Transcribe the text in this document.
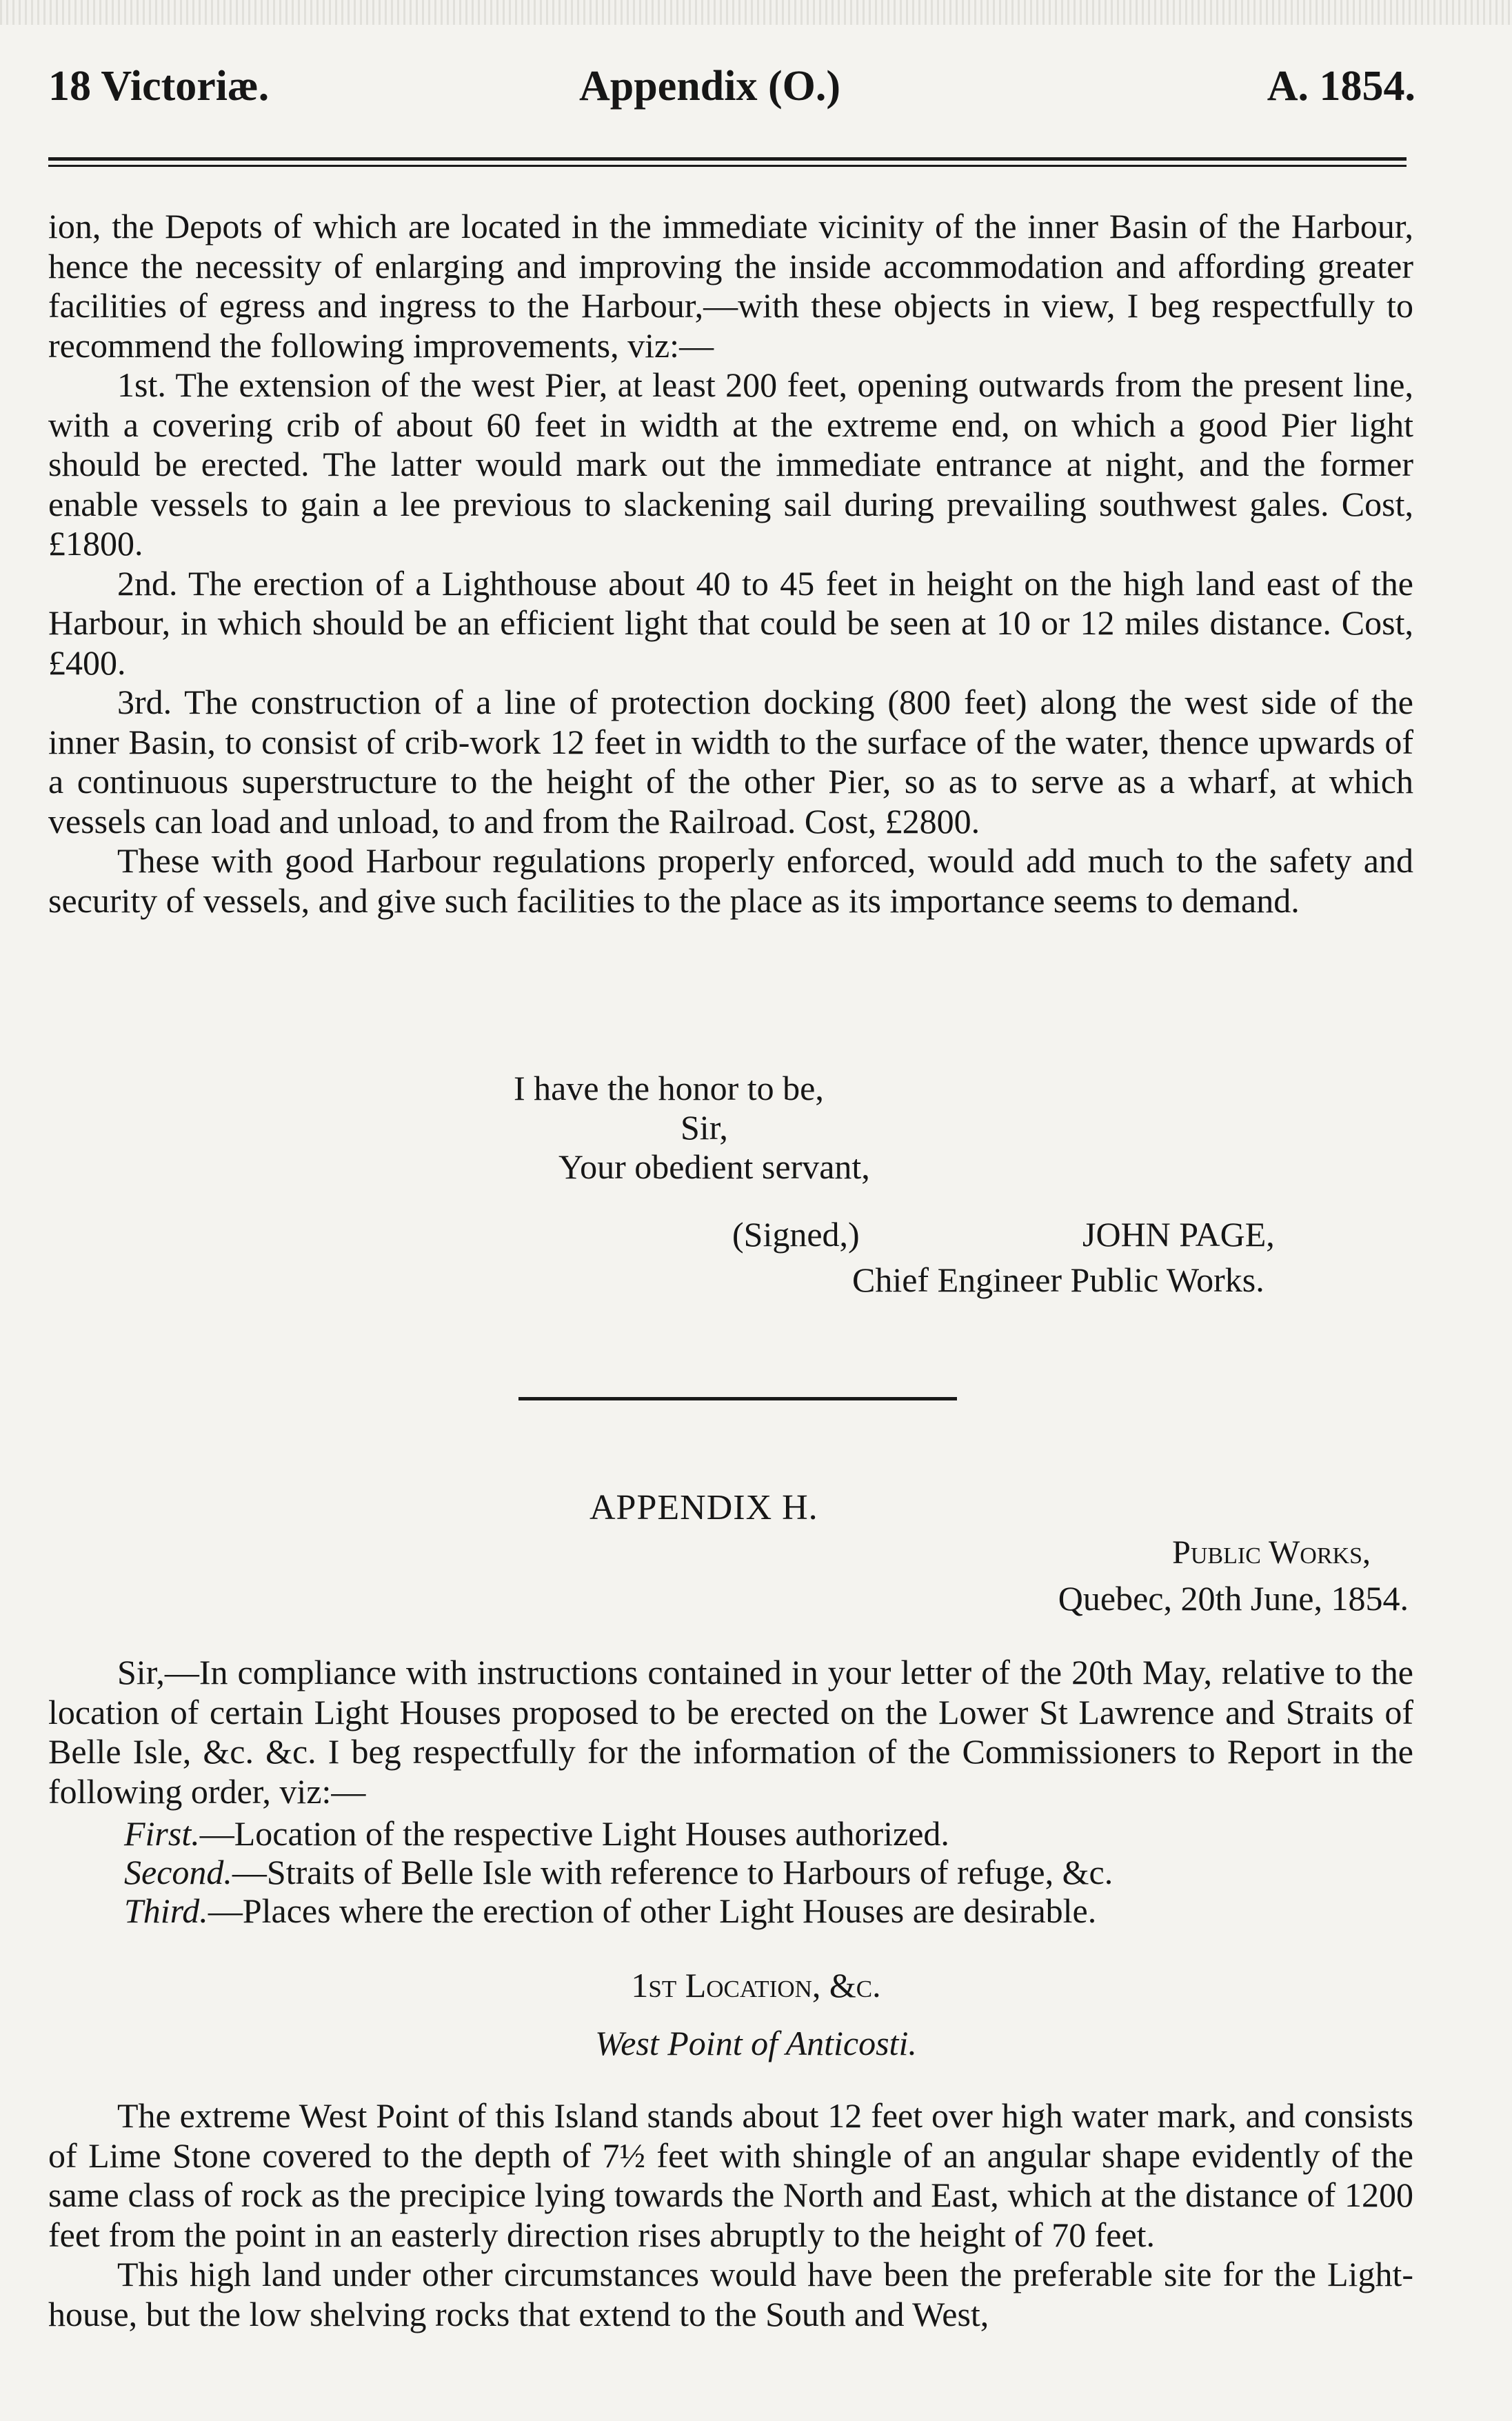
18 Victoriæ.	Appendix (O.)	A. 1854.

ion, the Depots of which are located in the immediate vicinity of the inner Basin of the Harbour, hence the necessity of enlarging and improving the inside accommodation and affording greater facilities of egress and ingress to the Harbour,—with these objects in view, I beg respectfully to recommend the following improvements, viz:—

1st. The extension of the west Pier, at least 200 feet, opening outwards from the present line, with a covering crib of about 60 feet in width at the extreme end, on which a good Pier light should be erected. The latter would mark out the immediate entrance at night, and the former enable vessels to gain a lee previous to slackening sail during prevailing southwest gales. Cost, £1800.

2nd. The erection of a Lighthouse about 40 to 45 feet in height on the high land east of the Harbour, in which should be an efficient light that could be seen at 10 or 12 miles distance. Cost, £400.

3rd. The construction of a line of protection docking (800 feet) along the west side of the inner Basin, to consist of crib-work 12 feet in width to the surface of the water, thence upwards of a continuous superstructure to the height of the other Pier, so as to serve as a wharf, at which vessels can load and unload, to and from the Railroad. Cost, £2800.

These with good Harbour regulations properly enforced, would add much to the safety and security of vessels, and give such facilities to the place as its importance seems to demand.

I have the honor to be,
Sir,
Your obedient servant,
(Signed,)	JOHN PAGE,
Chief Engineer Public Works.
APPENDIX H.
Public Works,
Quebec, 20th June, 1854.

Sir,—In compliance with instructions contained in your letter of the 20th May, relative to the location of certain Light Houses proposed to be erected on the Lower St Lawrence and Straits of Belle Isle, &c. &c. I beg respectfully for the information of the Commissioners to Report in the following order, viz:—

First.—Location of the respective Light Houses authorized.

Second.—Straits of Belle Isle with reference to Harbours of refuge, &c.

Third.—Places where the erection of other Light Houses are desirable.

1st Location, &c.
West Point of Anticosti.

The extreme West Point of this Island stands about 12 feet over high water mark, and consists of Lime Stone covered to the depth of 7½ feet with shingle of an angular shape evidently of the same class of rock as the precipice lying towards the North and East, which at the distance of 1200 feet from the point in an easterly direction rises abruptly to the height of 70 feet.

This high land under other circumstances would have been the preferable site for the Light-house, but the low shelving rocks that extend to the South and West,
